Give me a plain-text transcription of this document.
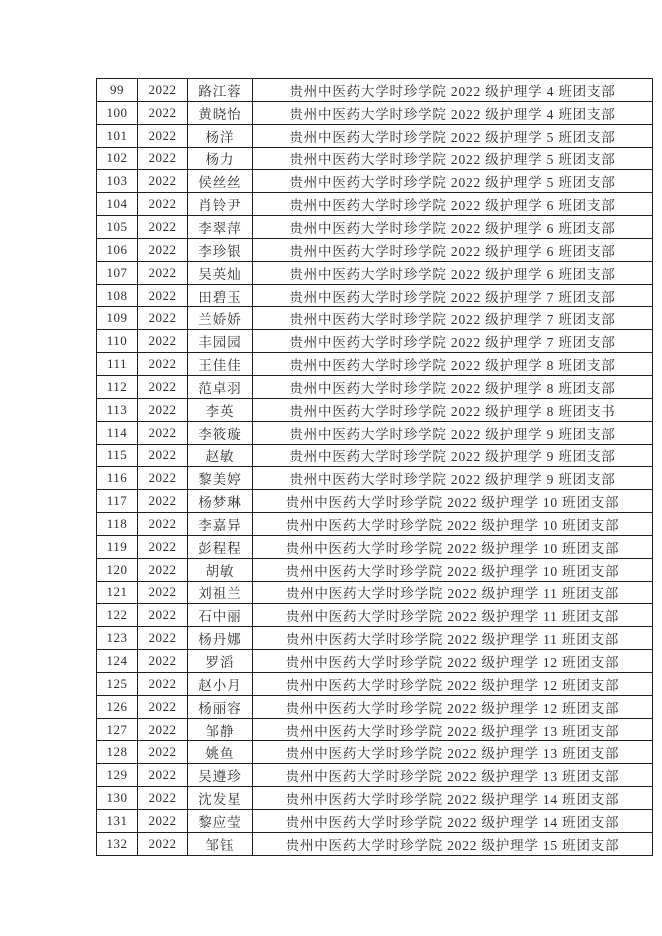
99	2022	路江蓉	贵州中医药大学时珍学院 2022 级护理学 4 班团支部
100	2022	黄晓怡	贵州中医药大学时珍学院 2022 级护理学 4 班团支部
101	2022	杨洋	贵州中医药大学时珍学院 2022 级护理学 5 班团支部
102	2022	杨力	贵州中医药大学时珍学院 2022 级护理学 5 班团支部
103	2022	侯丝丝	贵州中医药大学时珍学院 2022 级护理学 5 班团支部
104	2022	肖铃尹	贵州中医药大学时珍学院 2022 级护理学 6 班团支部
105	2022	李翠萍	贵州中医药大学时珍学院 2022 级护理学 6 班团支部
106	2022	李珍银	贵州中医药大学时珍学院 2022 级护理学 6 班团支部
107	2022	吴英灿	贵州中医药大学时珍学院 2022 级护理学 6 班团支部
108	2022	田碧玉	贵州中医药大学时珍学院 2022 级护理学 7 班团支部
109	2022	兰娇娇	贵州中医药大学时珍学院 2022 级护理学 7 班团支部
110	2022	丰园园	贵州中医药大学时珍学院 2022 级护理学 7 班团支部
111	2022	王佳佳	贵州中医药大学时珍学院 2022 级护理学 8 班团支部
112	2022	范卓羽	贵州中医药大学时珍学院 2022 级护理学 8 班团支部
113	2022	李英	贵州中医药大学时珍学院 2022 级护理学 8 班团支书
114	2022	李筱璇	贵州中医药大学时珍学院 2022 级护理学 9 班团支部
115	2022	赵敏	贵州中医药大学时珍学院 2022 级护理学 9 班团支部
116	2022	黎美婷	贵州中医药大学时珍学院 2022 级护理学 9 班团支部
117	2022	杨梦琳	贵州中医药大学时珍学院 2022 级护理学 10 班团支部
118	2022	李嘉异	贵州中医药大学时珍学院 2022 级护理学 10 班团支部
119	2022	彭程程	贵州中医药大学时珍学院 2022 级护理学 10 班团支部
120	2022	胡敏	贵州中医药大学时珍学院 2022 级护理学 10 班团支部
121	2022	刘祖兰	贵州中医药大学时珍学院 2022 级护理学 11 班团支部
122	2022	石中丽	贵州中医药大学时珍学院 2022 级护理学 11 班团支部
123	2022	杨丹娜	贵州中医药大学时珍学院 2022 级护理学 11 班团支部
124	2022	罗滔	贵州中医药大学时珍学院 2022 级护理学 12 班团支部
125	2022	赵小月	贵州中医药大学时珍学院 2022 级护理学 12 班团支部
126	2022	杨丽容	贵州中医药大学时珍学院 2022 级护理学 12 班团支部
127	2022	邹静	贵州中医药大学时珍学院 2022 级护理学 13 班团支部
128	2022	姚鱼	贵州中医药大学时珍学院 2022 级护理学 13 班团支部
129	2022	吴遵珍	贵州中医药大学时珍学院 2022 级护理学 13 班团支部
130	2022	沈发星	贵州中医药大学时珍学院 2022 级护理学 14 班团支部
131	2022	黎应莹	贵州中医药大学时珍学院 2022 级护理学 14 班团支部
132	2022	邹钰	贵州中医药大学时珍学院 2022 级护理学 15 班团支部
